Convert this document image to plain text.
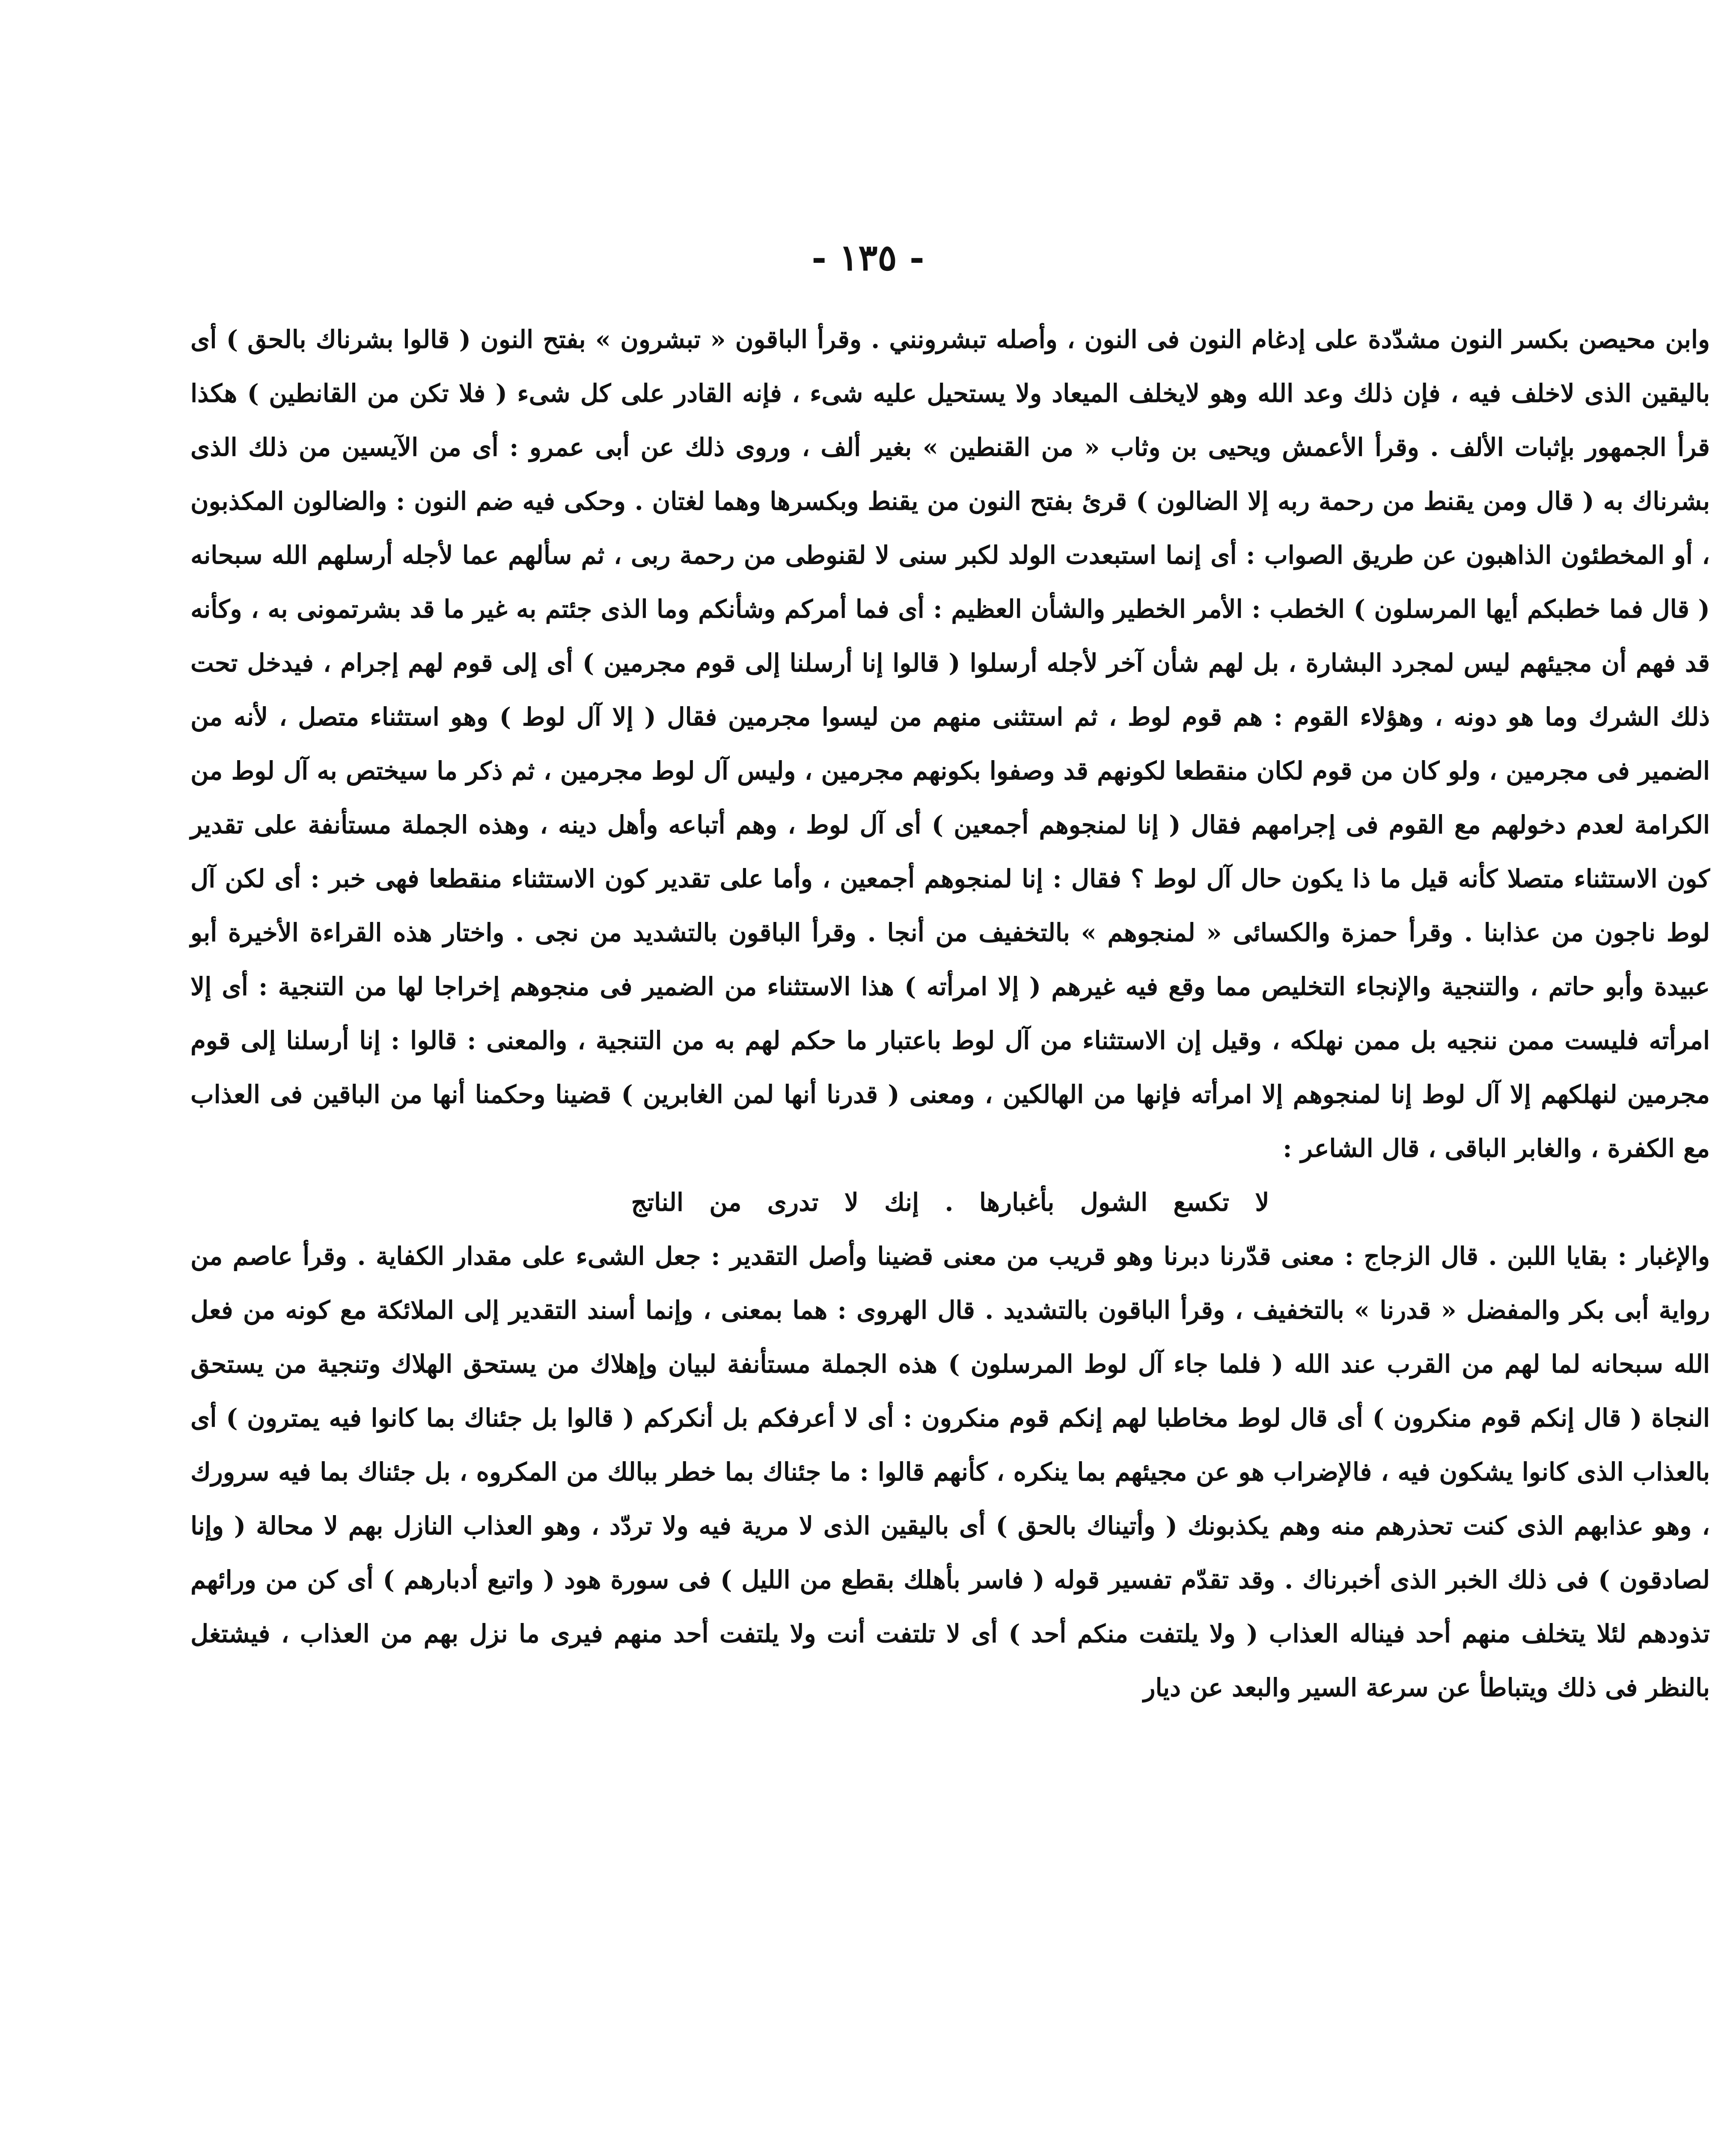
- ١٣٥ -

وابن محيصن بكسر النون مشدّدة على إدغام النون فى النون ، وأصله تبشرونني . وقرأ الباقون « تبشرون » بفتح النون ( قالوا بشرناك بالحق ) أى باليقين الذى لاخلف فيه ، فإن ذلك وعد الله وهو لايخلف الميعاد ولا يستحيل عليه شىء ، فإنه القادر على كل شىء ( فلا تكن من القانطين ) هكذا قرأ الجمهور بإثبات الألف . وقرأ الأعمش ويحيى بن وثاب « من القنطين » بغير ألف ، وروى ذلك عن أبى عمرو : أى من الآيسين من ذلك الذى بشرناك به ( قال ومن يقنط من رحمة ربه إلا الضالون ) قرئ بفتح النون من يقنط وبكسرها وهما لغتان . وحكى فيه ضم النون : والضالون المكذبون ، أو المخطئون الذاهبون عن طريق الصواب : أى إنما استبعدت الولد لكبر سنى لا لقنوطى من رحمة ربى ، ثم سألهم عما لأجله أرسلهم الله سبحانه ( قال فما خطبكم أيها المرسلون ) الخطب : الأمر الخطير والشأن العظيم : أى فما أمركم وشأنكم وما الذى جئتم به غير ما قد بشرتمونى به ، وكأنه قد فهم أن مجيئهم ليس لمجرد البشارة ، بل لهم شأن آخر لأجله أرسلوا ( قالوا إنا أرسلنا إلى قوم مجرمين ) أى إلى قوم لهم إجرام ، فيدخل تحت ذلك الشرك وما هو دونه ، وهؤلاء القوم : هم قوم لوط ، ثم استثنى منهم من ليسوا مجرمين فقال ( إلا آل لوط ) وهو استثناء متصل ، لأنه من الضمير فى مجرمين ، ولو كان من قوم لكان منقطعا لكونهم قد وصفوا بكونهم مجرمين ، وليس آل لوط مجرمين ، ثم ذكر ما سيختص به آل لوط من الكرامة لعدم دخولهم مع القوم فى إجرامهم فقال ( إنا لمنجوهم أجمعين ) أى آل لوط ، وهم أتباعه وأهل دينه ، وهذه الجملة مستأنفة على تقدير كون الاستثناء متصلا كأنه قيل ما ذا يكون حال آل لوط ؟ فقال : إنا لمنجوهم أجمعين ، وأما على تقدير كون الاستثناء منقطعا فهى خبر : أى لكن آل لوط ناجون من عذابنا . وقرأ حمزة والكسائى « لمنجوهم » بالتخفيف من أنجا . وقرأ الباقون بالتشديد من نجى . واختار هذه القراءة الأخيرة أبو عبيدة وأبو حاتم ، والتنجية والإنجاء التخليص مما وقع فيه غيرهم ( إلا امرأته ) هذا الاستثناء من الضمير فى منجوهم إخراجا لها من التنجية : أى إلا امرأته فليست ممن ننجيه بل ممن نهلكه ، وقيل إن الاستثناء من آل لوط باعتبار ما حكم لهم به من التنجية ، والمعنى : قالوا : إنا أرسلنا إلى قوم مجرمين لنهلكهم إلا آل لوط إنا لمنجوهم إلا امرأته فإنها من الهالكين ، ومعنى ( قدرنا أنها لمن الغابرين ) قضينا وحكمنا أنها من الباقين فى العذاب مع الكفرة ، والغابر الباقى ، قال الشاعر :

لا تكسع الشول بأغبارها . إنك لا تدرى من الناتج

والإغبار : بقايا اللبن . قال الزجاج : معنى قدّرنا دبرنا وهو قريب من معنى قضينا وأصل التقدير : جعل الشىء على مقدار الكفاية . وقرأ عاصم من رواية أبى بكر والمفضل « قدرنا » بالتخفيف ، وقرأ الباقون بالتشديد . قال الهروى : هما بمعنى ، وإنما أسند التقدير إلى الملائكة مع كونه من فعل الله سبحانه لما لهم من القرب عند الله ( فلما جاء آل لوط المرسلون ) هذه الجملة مستأنفة لبيان وإهلاك من يستحق الهلاك وتنجية من يستحق النجاة ( قال إنكم قوم منكرون ) أى قال لوط مخاطبا لهم إنكم قوم منكرون : أى لا أعرفكم بل أنكركم ( قالوا بل جئناك بما كانوا فيه يمترون ) أى بالعذاب الذى كانوا يشكون فيه ، فالإضراب هو عن مجيئهم بما ينكره ، كأنهم قالوا : ما جئناك بما خطر ببالك من المكروه ، بل جئناك بما فيه سرورك ، وهو عذابهم الذى كنت تحذرهم منه وهم يكذبونك ( وأتيناك بالحق ) أى باليقين الذى لا مرية فيه ولا تردّد ، وهو العذاب النازل بهم لا محالة ( وإنا لصادقون ) فى ذلك الخبر الذى أخبرناك . وقد تقدّم تفسير قوله ( فاسر بأهلك بقطع من الليل ) فى سورة هود ( واتبع أدبارهم ) أى كن من ورائهم تذودهم لئلا يتخلف منهم أحد فيناله العذاب ( ولا يلتفت منكم أحد ) أى لا تلتفت أنت ولا يلتفت أحد منهم فيرى ما نزل بهم من العذاب ، فيشتغل بالنظر فى ذلك ويتباطأ عن سرعة السير والبعد عن ديار
